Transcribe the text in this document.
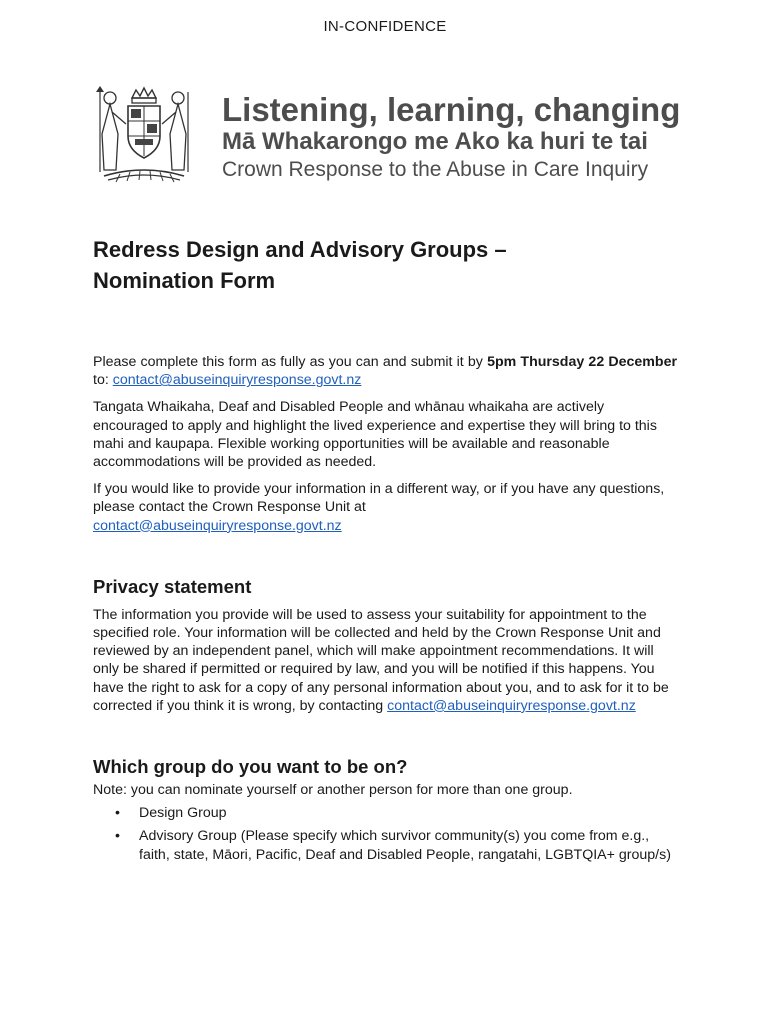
IN-CONFIDENCE
Listening, learning, changing
Mā Whakarongo me Ako ka huri te tai
Crown Response to the Abuse in Care Inquiry
Redress Design and Advisory Groups –
Nomination Form

Please complete this form as fully as you can and submit it by 5pm Thursday 22 December to: contact@abuseinquiryresponse.govt.nz

Tangata Whaikaha, Deaf and Disabled People and whānau whaikaha are actively encouraged to apply and highlight the lived experience and expertise they will bring to this mahi and kaupapa. Flexible working opportunities will be available and reasonable accommodations will be provided as needed.

If you would like to provide your information in a different way, or if you have any questions, please contact the Crown Response Unit at
contact@abuseinquiryresponse.govt.nz

Privacy statement

The information you provide will be used to assess your suitability for appointment to the specified role. Your information will be collected and held by the Crown Response Unit and reviewed by an independent panel, which will make appointment recommendations. It will only be shared if permitted or required by law, and you will be notified if this happens. You have the right to ask for a copy of any personal information about you, and to ask for it to be corrected if you think it is wrong, by contacting contact@abuseinquiryresponse.govt.nz

Which group do you want to be on?

Note: you can nominate yourself or another person for more than one group.

• Design Group
• Advisory Group (Please specify which survivor community(s) you come from e.g., faith, state, Māori, Pacific, Deaf and Disabled People, rangatahi, LGBTQIA+ group/s)
